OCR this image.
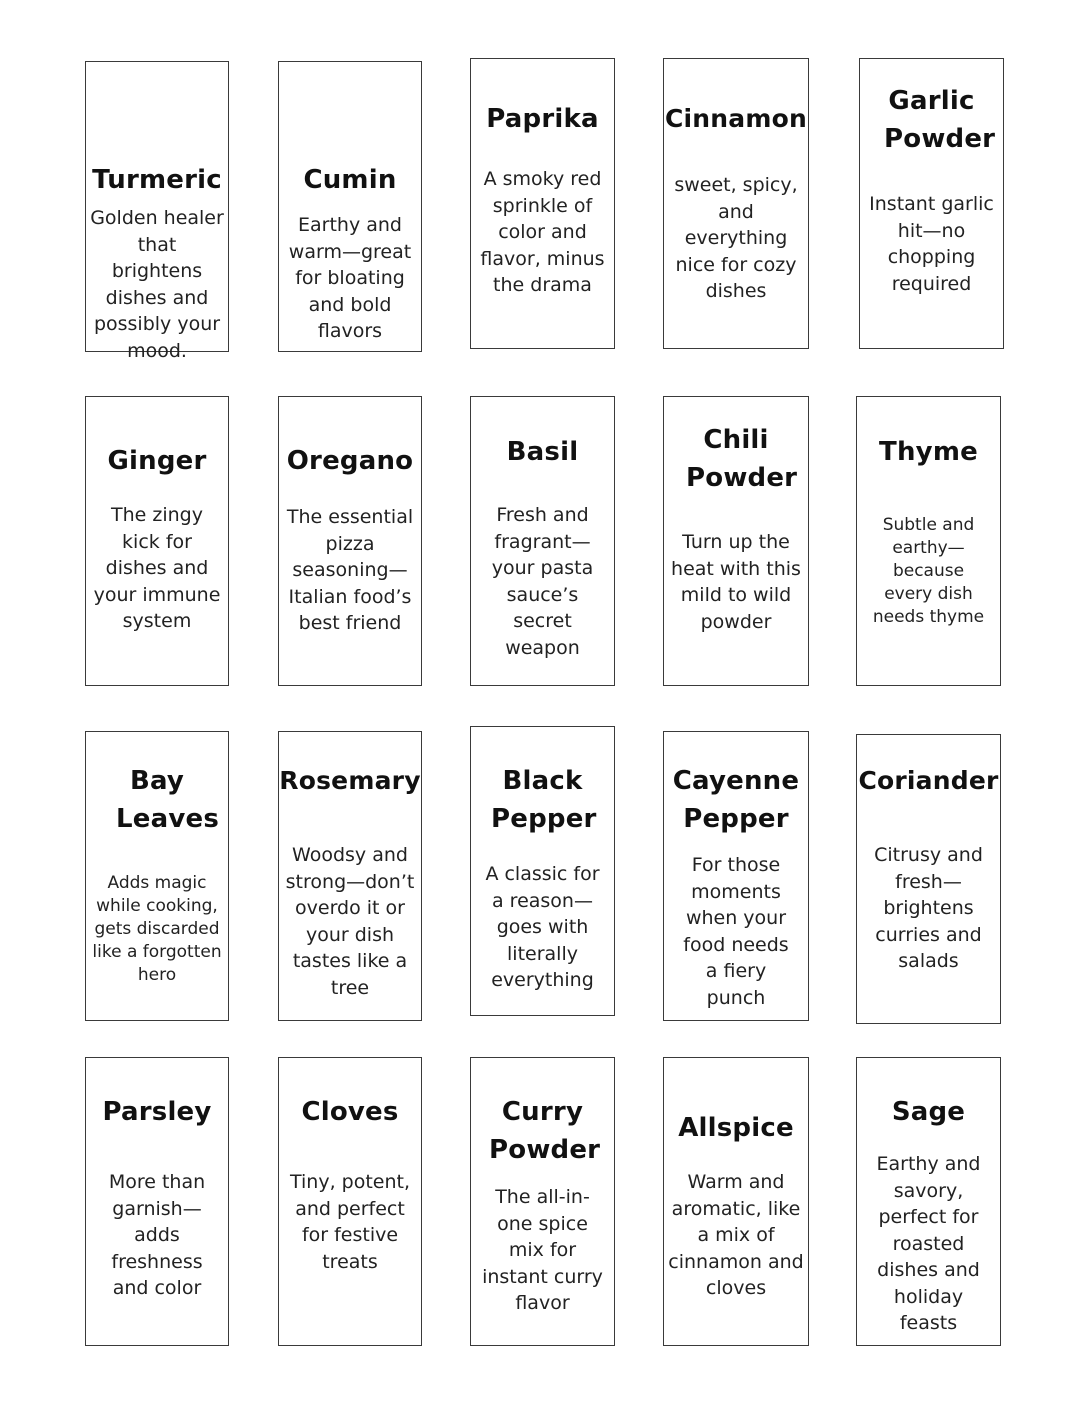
Turmeric
Golden healer that brightens dishes and possibly your mood.
Cumin
Earthy and warm—great for bloating and bold flavors
Paprika
A smoky red sprinkle of color and flavor, minus the drama
Cinnamon
sweet, spicy, and everything nice for cozy dishes
Garlic Powder
Instant garlic hit—no chopping required
Ginger
The zingy kick for dishes and your immune system
Oregano
The essential pizza seasoning—Italian food’s best friend
Basil
Fresh and fragrant—your pasta sauce’s secret weapon
Chili Powder
Turn up the heat with this mild to wild powder
Thyme
Subtle and earthy—because every dish needs thyme
Bay Leaves
Adds magic while cooking, gets discarded like a forgotten hero
Rosemary
Woodsy and strong—don’t overdo it or your dish tastes like a tree
Black Pepper
A classic for a reason—goes with literally everything
Cayenne Pepper
For those moments when your food needs a fiery punch
Coriander
Citrusy and fresh—brightens curries and salads
Parsley
More than garnish—adds freshness and color
Cloves
Tiny, potent, and perfect for festive treats
Curry Powder
The all-in-one spice mix for instant curry flavor
Allspice
Warm and aromatic, like a mix of cinnamon and cloves
Sage
Earthy and savory, perfect for roasted dishes and holiday feasts
